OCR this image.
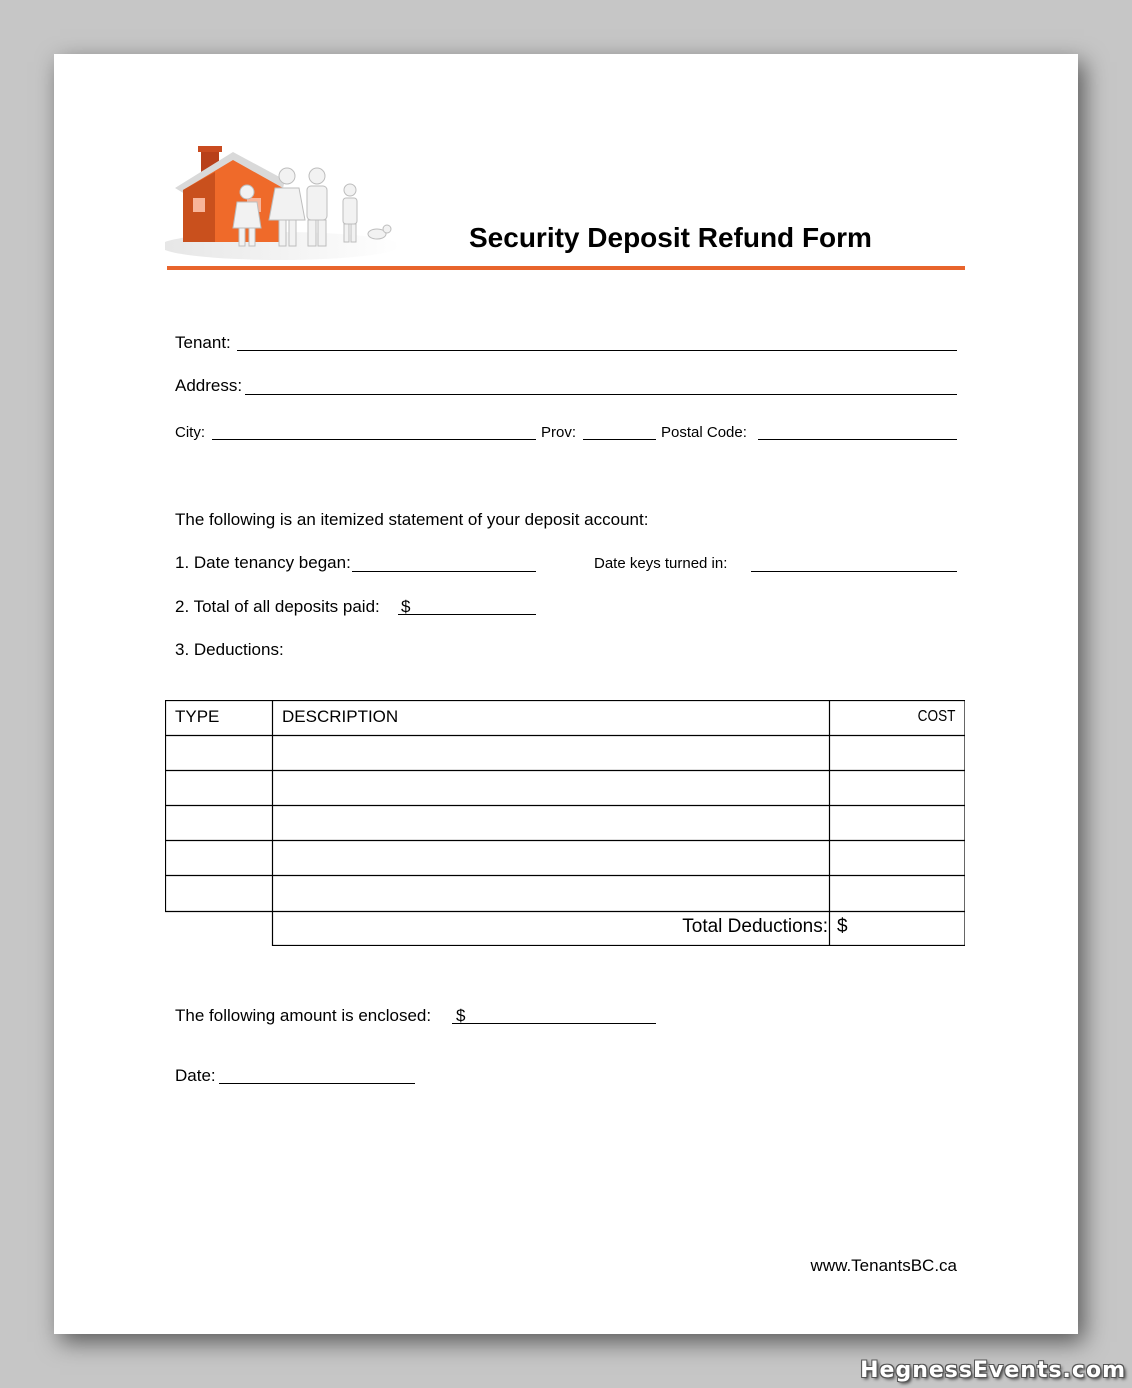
Security Deposit Refund Form
Tenant:
Address:
City:	Prov:	Postal Code:
The following is an itemized statement of your deposit account:
1. Date tenancy began:	Date keys turned in:
2. Total of all deposits paid: $
3. Deductions:
TYPE	DESCRIPTION	COST
Total Deductions: $
The following amount is enclosed: $
Date:
www.TenantsBC.ca
HegnessEvents.com
